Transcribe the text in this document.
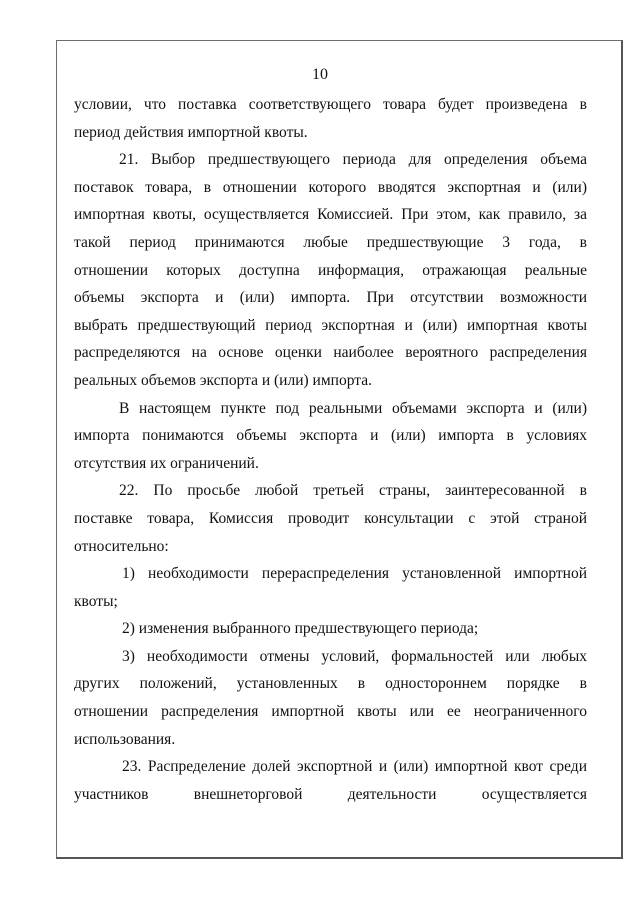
10
условии, что поставка соответствующего товара будет произведена в
период действия импортной квоты.
21. Выбор предшествующего периода для определения объема
поставок товара, в отношении которого вводятся экспортная и (или)
импортная квоты, осуществляется Комиссией. При этом, как правило, за
такой период принимаются любые предшествующие 3 года, в
отношении которых доступна информация, отражающая реальные
объемы экспорта и (или) импорта. При отсутствии возможности
выбрать предшествующий период экспортная и (или) импортная квоты
распределяются на основе оценки наиболее вероятного распределения
реальных объемов экспорта и (или) импорта.
В настоящем пункте под реальными объемами экспорта и (или)
импорта понимаются объемы экспорта и (или) импорта в условиях
отсутствия их ограничений.
22. По просьбе любой третьей страны, заинтересованной в
поставке товара, Комиссия проводит консультации с этой страной
относительно:
1) необходимости перераспределения установленной импортной
квоты;
2) изменения выбранного предшествующего периода;
3) необходимости отмены условий, формальностей или любых
других положений, установленных в одностороннем порядке в
отношении распределения импортной квоты или ее неограниченного
использования.
23. Распределение долей экспортной и (или) импортной квот среди
участников внешнеторговой деятельности осуществляется
